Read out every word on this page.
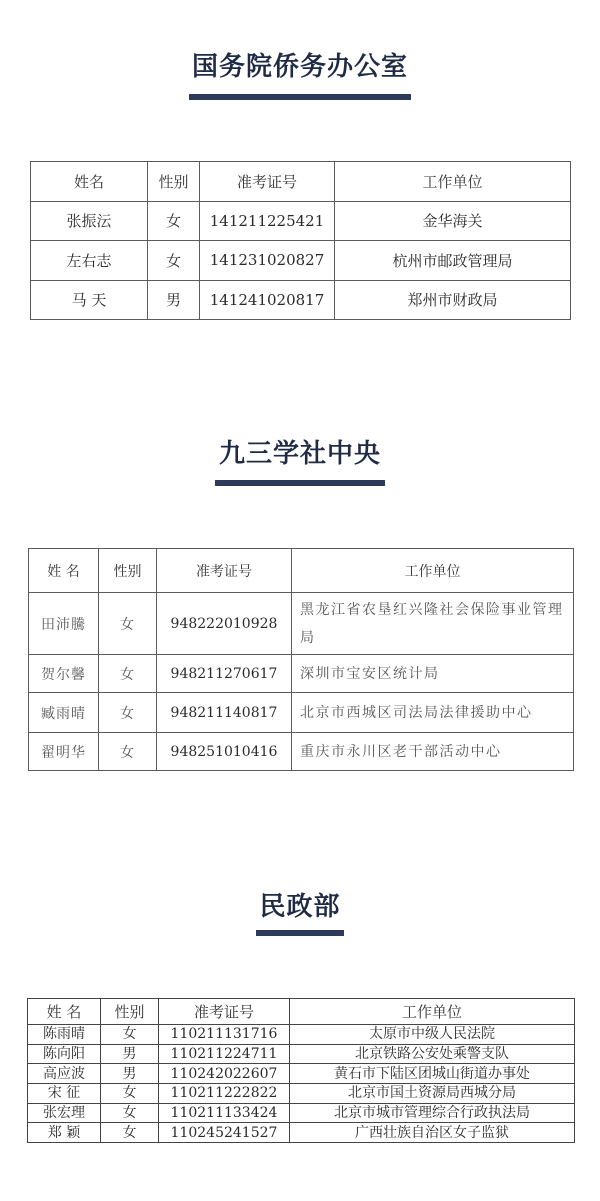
国务院侨务办公室
姓名	性别	准考证号	工作单位
张振沄	女	141211225421	金华海关
左右志	女	141231020827	杭州市邮政管理局
马 天	男	141241020817	郑州市财政局
九三学社中央
姓 名	性别	准考证号	工作单位
田沛騰	女	948222010928	黑龙江省农垦红兴隆社会保险事业管理局
贺尔馨	女	948211270617	深圳市宝安区统计局
臧雨晴	女	948211140817	北京市西城区司法局法律援助中心
翟明华	女	948251010416	重庆市永川区老干部活动中心
民政部
姓 名	性别	准考证号	工作单位
陈雨晴	女	110211131716	太原市中级人民法院
陈向阳	男	110211224711	北京铁路公安处乘警支队
高应波	男	110242022607	黄石市下陆区团城山街道办事处
宋 征	女	110211222822	北京市国土资源局西城分局
张宏理	女	110211133424	北京市城市管理综合行政执法局
郑 颖	女	110245241527	广西壮族自治区女子监狱
